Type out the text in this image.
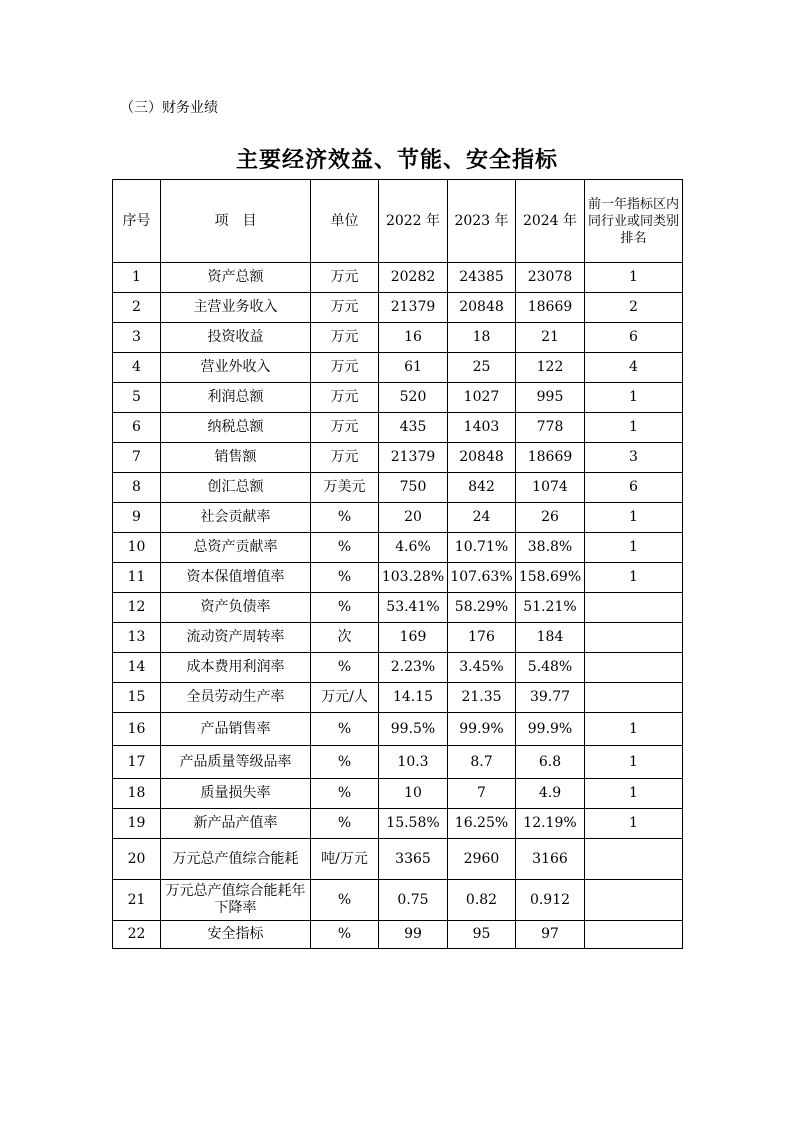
（三）财务业绩
主要经济效益、节能、安全指标
序号	项　目	单位	2022 年	2023 年	2024 年	前一年指标区内同行业或同类别排名
1	资产总额	万元	20282	24385	23078	1
2	主营业务收入	万元	21379	20848	18669	2
3	投资收益	万元	16	18	21	6
4	营业外收入	万元	61	25	122	4
5	利润总额	万元	520	1027	995	1
6	纳税总额	万元	435	1403	778	1
7	销售额	万元	21379	20848	18669	3
8	创汇总额	万美元	750	842	1074	6
9	社会贡献率	%	20	24	26	1
10	总资产贡献率	%	4.6%	10.71%	38.8%	1
11	资本保值增值率	%	103.28%	107.63%	158.69%	1
12	资产负债率	%	53.41%	58.29%	51.21%	
13	流动资产周转率	次	169	176	184	
14	成本费用利润率	%	2.23%	3.45%	5.48%	
15	全员劳动生产率	万元/人	14.15	21.35	39.77	
16	产品销售率	%	99.5%	99.9%	99.9%	1
17	产品质量等级品率	%	10.3	8.7	6.8	1
18	质量损失率	%	10	7	4.9	1
19	新产品产值率	%	15.58%	16.25%	12.19%	1
20	万元总产值综合能耗	吨/万元	3365	2960	3166	
21	万元总产值综合能耗年下降率	%	0.75	0.82	0.912	
22	安全指标	%	99	95	97	
